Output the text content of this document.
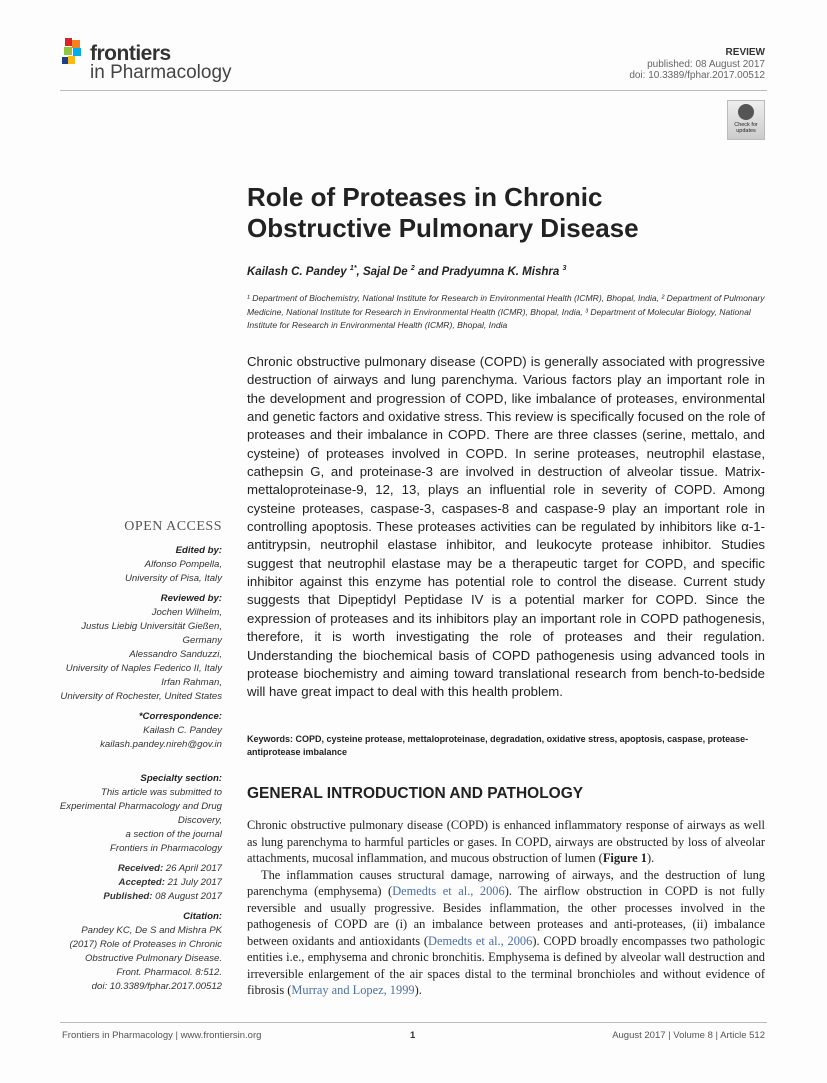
frontiers
in Pharmacology
REVIEW
published: 08 August 2017
doi: 10.3389/fphar.2017.00512
Check for updates
Role of Proteases in Chronic
Obstructive Pulmonary Disease
Kailash C. Pandey $^{1*}$, Sajal De $^2$ and Pradyumna K. Mishra $^3$
¹ Department of Biochemistry, National Institute for Research in Environmental Health (ICMR), Bhopal, India, ² Department of Pulmonary Medicine, National Institute for Research in Environmental Health (ICMR), Bhopal, India, ³ Department of Molecular Biology, National Institute for Research in Environmental Health (ICMR), Bhopal, India
Chronic obstructive pulmonary disease (COPD) is generally associated with progressive destruction of airways and lung parenchyma. Various factors play an important role in the development and progression of COPD, like imbalance of proteases, environmental and genetic factors and oxidative stress. This review is specifically focused on the role of proteases and their imbalance in COPD. There are three classes (serine, mettalo, and cysteine) of proteases involved in COPD. In serine proteases, neutrophil elastase, cathepsin G, and proteinase-3 are involved in destruction of alveolar tissue. Matrix-mettaloproteinase-9, 12, 13, plays an influential role in severity of COPD. Among cysteine proteases, caspase-3, caspases-8 and caspase-9 play an important role in controlling apoptosis. These proteases activities can be regulated by inhibitors like α-1-antitrypsin, neutrophil elastase inhibitor, and leukocyte protease inhibitor. Studies suggest that neutrophil elastase may be a therapeutic target for COPD, and specific inhibitor against this enzyme has potential role to control the disease. Current study suggests that Dipeptidyl Peptidase IV is a potential marker for COPD. Since the expression of proteases and its inhibitors play an important role in COPD pathogenesis, therefore, it is worth investigating the role of proteases and their regulation. Understanding the biochemical basis of COPD pathogenesis using advanced tools in protease biochemistry and aiming toward translational research from bench-to-bedside will have great impact to deal with this health problem.
Keywords: COPD, cysteine protease, mettaloproteinase, degradation, oxidative stress, apoptosis, caspase, protease-antiprotease imbalance
GENERAL INTRODUCTION AND PATHOLOGY

Chronic obstructive pulmonary disease (COPD) is enhanced inflammatory response of airways as well as lung parenchyma to harmful particles or gases. In COPD, airways are obstructed by loss of alveolar attachments, mucosal inflammation, and mucous obstruction of lumen (Figure 1).

The inflammation causes structural damage, narrowing of airways, and the destruction of lung parenchyma (emphysema) (Demedts et al., 2006). The airflow obstruction in COPD is not fully reversible and usually progressive. Besides inflammation, the other processes involved in the pathogenesis of COPD are (i) an imbalance between proteases and anti-proteases, (ii) imbalance between oxidants and antioxidants (Demedts et al., 2006). COPD broadly encompasses two pathologic entities i.e., emphysema and chronic bronchitis. Emphysema is defined by alveolar wall destruction and irreversible enlargement of the air spaces distal to the terminal bronchioles and without evidence of fibrosis (Murray and Lopez, 1999).

OPEN ACCESS
Edited by:
Alfonso Pompella,
University of Pisa, Italy
Reviewed by:
Jochen Wilhelm,
Justus Liebig Universität Gießen,
Germany
Alessandro Sanduzzi,
University of Naples Federico II, Italy
Irfan Rahman,
University of Rochester, United States
*Correspondence:
Kailash C. Pandey
kailash.pandey.nireh@gov.in
Specialty section:
This article was submitted to
Experimental Pharmacology and Drug
Discovery,
a section of the journal
Frontiers in Pharmacology
Received: 26 April 2017
Accepted: 21 July 2017
Published: 08 August 2017
Citation:
Pandey KC, De S and Mishra PK
(2017) Role of Proteases in Chronic
Obstructive Pulmonary Disease.
Front. Pharmacol. 8:512.
doi: 10.3389/fphar.2017.00512
Frontiers in Pharmacology | www.frontiersin.org	1	August 2017 | Volume 8 | Article 512
